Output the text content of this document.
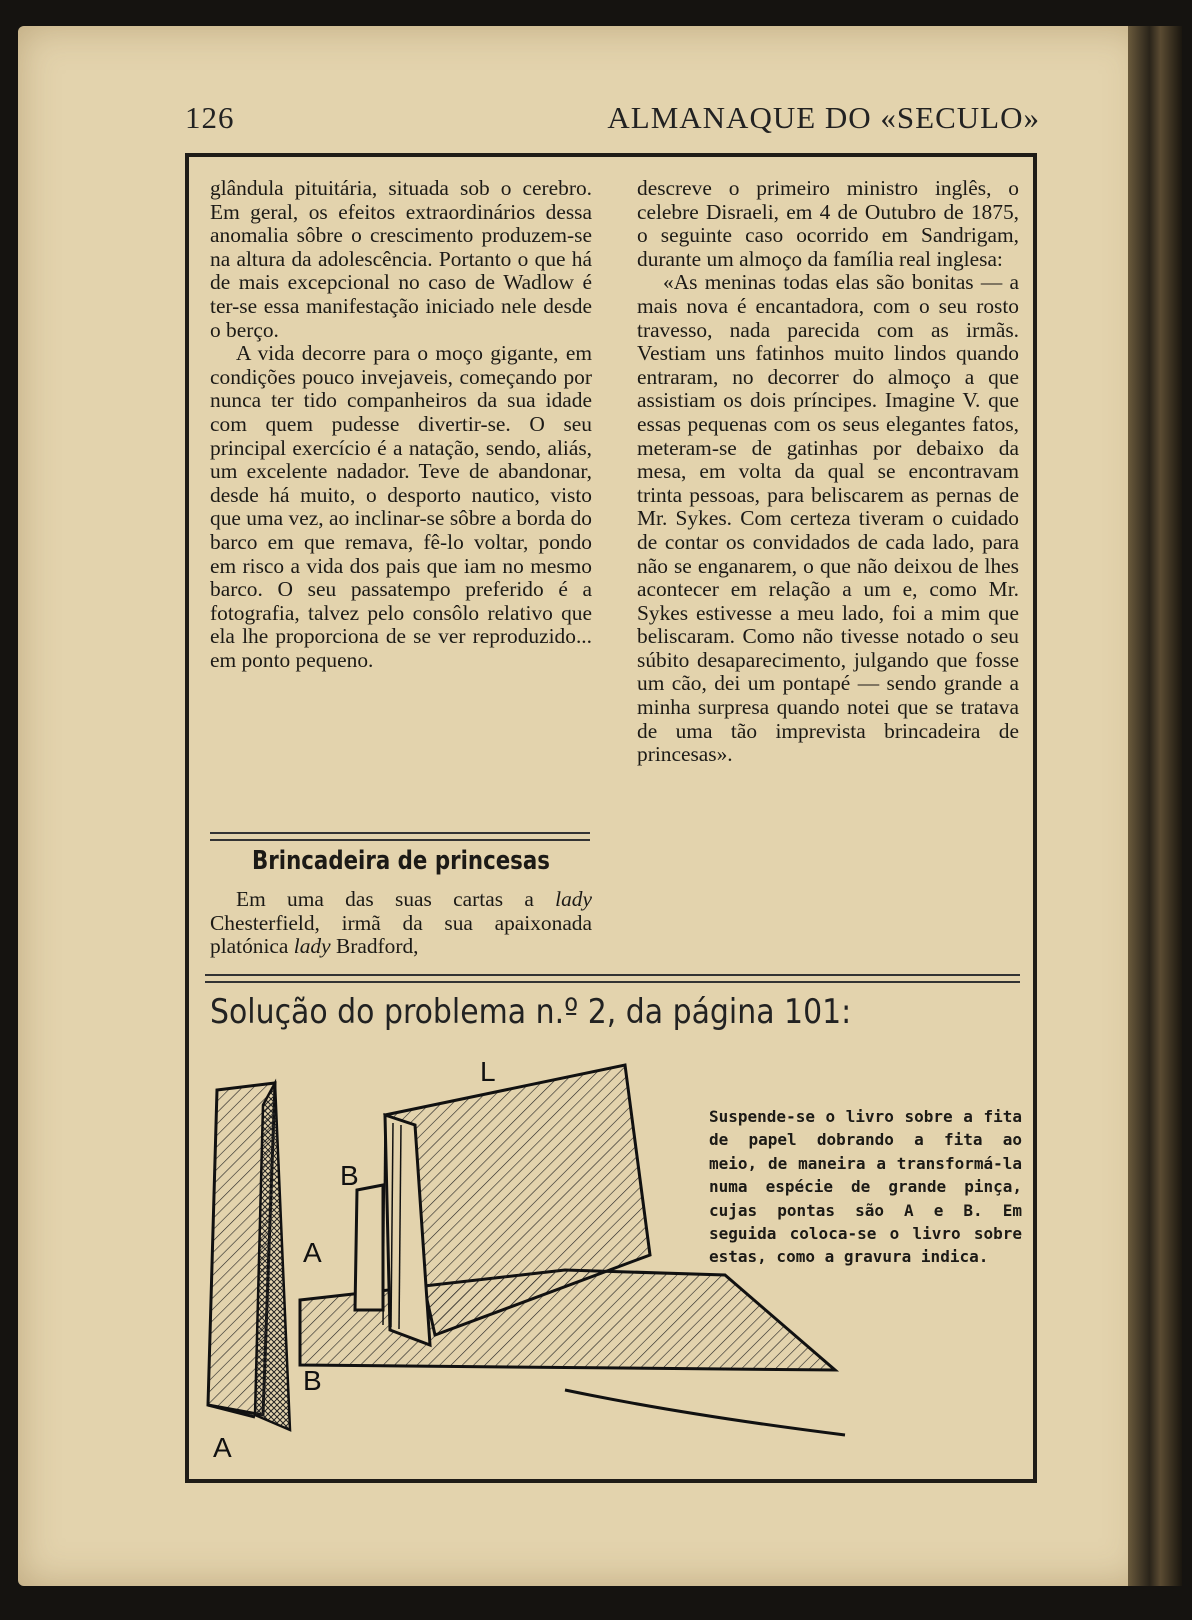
126	ALMANAQUE DO «SECULO»

glândula pituitária, situada sob o cerebro. Em geral, os efeitos extraordinários dessa anomalia sôbre o crescimento produzem-se na altura da adolescência. Portanto o que há de mais excepcional no caso de Wadlow é ter-se essa manifestação iniciado nele desde o berço.

A vida decorre para o moço gigante, em condições pouco invejaveis, começando por nunca ter tido companheiros da sua idade com quem pudesse divertir-se. O seu principal exercício é a natação, sendo, aliás, um excelente nadador. Teve de abandonar, desde há muito, o desporto nautico, visto que uma vez, ao inclinar-se sôbre a borda do barco em que remava, fê-lo voltar, pondo em risco a vida dos pais que iam no mesmo barco. O seu passatempo preferido é a fotografia, talvez pelo consôlo relativo que ela lhe proporciona de se ver reproduzido... em ponto pequeno.

Brincadeira de princesas

Em uma das suas cartas a lady Chesterfield, irmã da sua apaixonada platónica lady Bradford,

descreve o primeiro ministro inglês, o celebre Disraeli, em 4 de Outubro de 1875, o seguinte caso ocorrido em Sandrigam, durante um almoço da família real inglesa:

«As meninas todas elas são bonitas — a mais nova é encantadora, com o seu rosto travesso, nada parecida com as irmãs. Vestiam uns fatinhos muito lindos quando entraram, no decorrer do almoço a que assistiam os dois príncipes. Imagine V. que essas pequenas com os seus elegantes fatos, meteram-se de gatinhas por debaixo da mesa, em volta da qual se encontravam trinta pessoas, para beliscarem as pernas de Mr. Sykes. Com certeza tiveram o cuidado de contar os convidados de cada lado, para não se enganarem, o que não deixou de lhes acontecer em relação a um e, como Mr. Sykes estivesse a meu lado, foi a mim que beliscaram. Como não tivesse notado o seu súbito desaparecimento, julgando que fosse um cão, dei um pontapé — sendo grande a minha surpresa quando notei que se tratava de uma tão imprevista brincadeira de princesas».

Solução do problema n.º 2, da página 101:
L
B
A
B
A
Suspende-se o livro sobre a fita de papel dobrando a fita ao meio, de maneira a transformá-la numa espécie de grande pinça, cujas pontas são A e B. Em seguida coloca-se o livro sobre estas, como a gravura indica.
